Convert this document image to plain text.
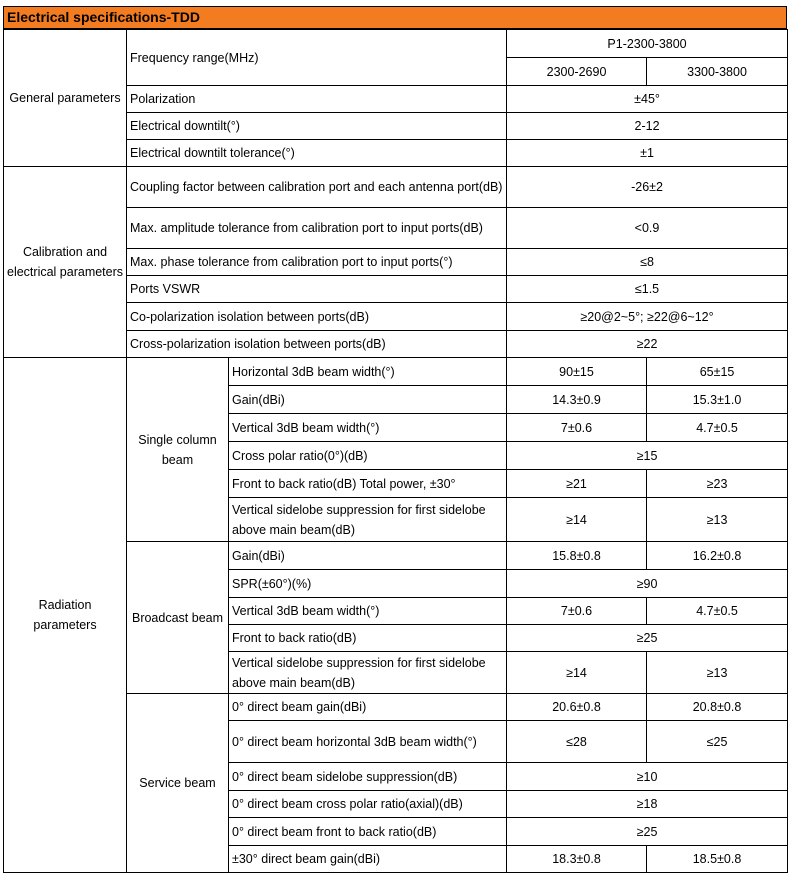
Electrical specifications-TDD
General parameters	Frequency range(MHz)		P1-2300-3800	
			2300-2690	3300-3800
	Polarization		±45°	
	Electrical downtilt(°)		2-12	
	Electrical downtilt tolerance(°)		±1	
Calibration and electrical parameters	Coupling factor between calibration port and each antenna port(dB)		-26±2	
	Max. amplitude tolerance from calibration port to input ports(dB)		<0.9	
	Max. phase tolerance from calibration port to input ports(°)		≤8	
	Ports VSWR		≤1.5	
	Co-polarization isolation between ports(dB)		≥20@2~5°; ≥22@6~12°	
	Cross-polarization isolation between ports(dB)		≥22	
Radiation parameters	Single column beam	Horizontal 3dB beam width(°)	90±15	65±15
		Gain(dBi)	14.3±0.9	15.3±1.0
		Vertical 3dB beam width(°)	7±0.6	4.7±0.5
		Cross polar ratio(0°)(dB)	≥15	
		Front to back ratio(dB) Total power, ±30°	≥21	≥23
		Vertical sidelobe suppression for first sidelobe above main beam(dB)	≥14	≥13
	Broadcast beam	Gain(dBi)	15.8±0.8	16.2±0.8
		SPR(±60°)(%)	≥90	
		Vertical 3dB beam width(°)	7±0.6	4.7±0.5
		Front to back ratio(dB)	≥25	
		Vertical sidelobe suppression for first sidelobe above main beam(dB)	≥14	≥13
	Service beam	0° direct beam gain(dBi)	20.6±0.8	20.8±0.8
		0° direct beam horizontal 3dB beam width(°)	≤28	≤25
		0° direct beam sidelobe suppression(dB)	≥10	
		0° direct beam cross polar ratio(axial)(dB)	≥18	
		0° direct beam front to back ratio(dB)	≥25	
		±30° direct beam gain(dBi)	18.3±0.8	18.5±0.8
